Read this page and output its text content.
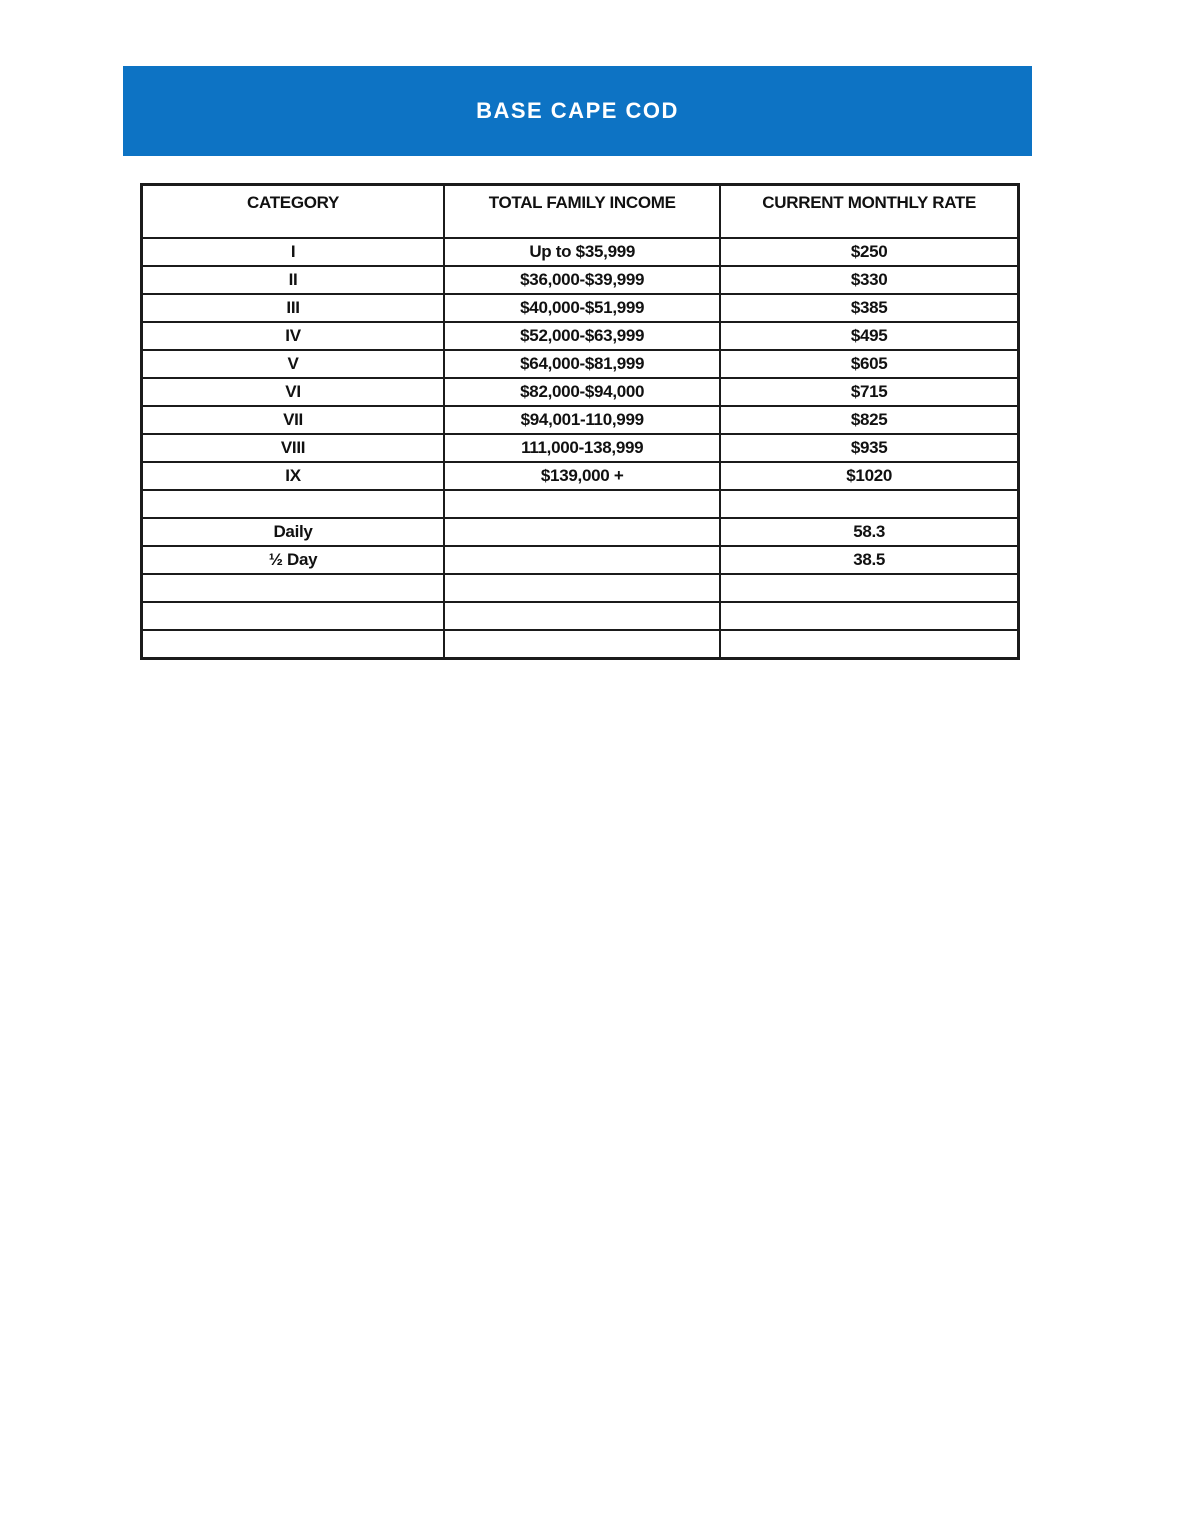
BASE CAPE COD
CATEGORY	TOTAL FAMILY INCOME	CURRENT MONTHLY RATE
I	Up to $35,999	$250
II	$36,000-$39,999	$330
III	$40,000-$51,999	$385
IV	$52,000-$63,999	$495
V	$64,000-$81,999	$605
VI	$82,000-$94,000	$715
VII	$94,001-110,999	$825
VIII	111,000-138,999	$935
IX	$139,000 +	$1020

Daily		58.3
½ Day		38.5
